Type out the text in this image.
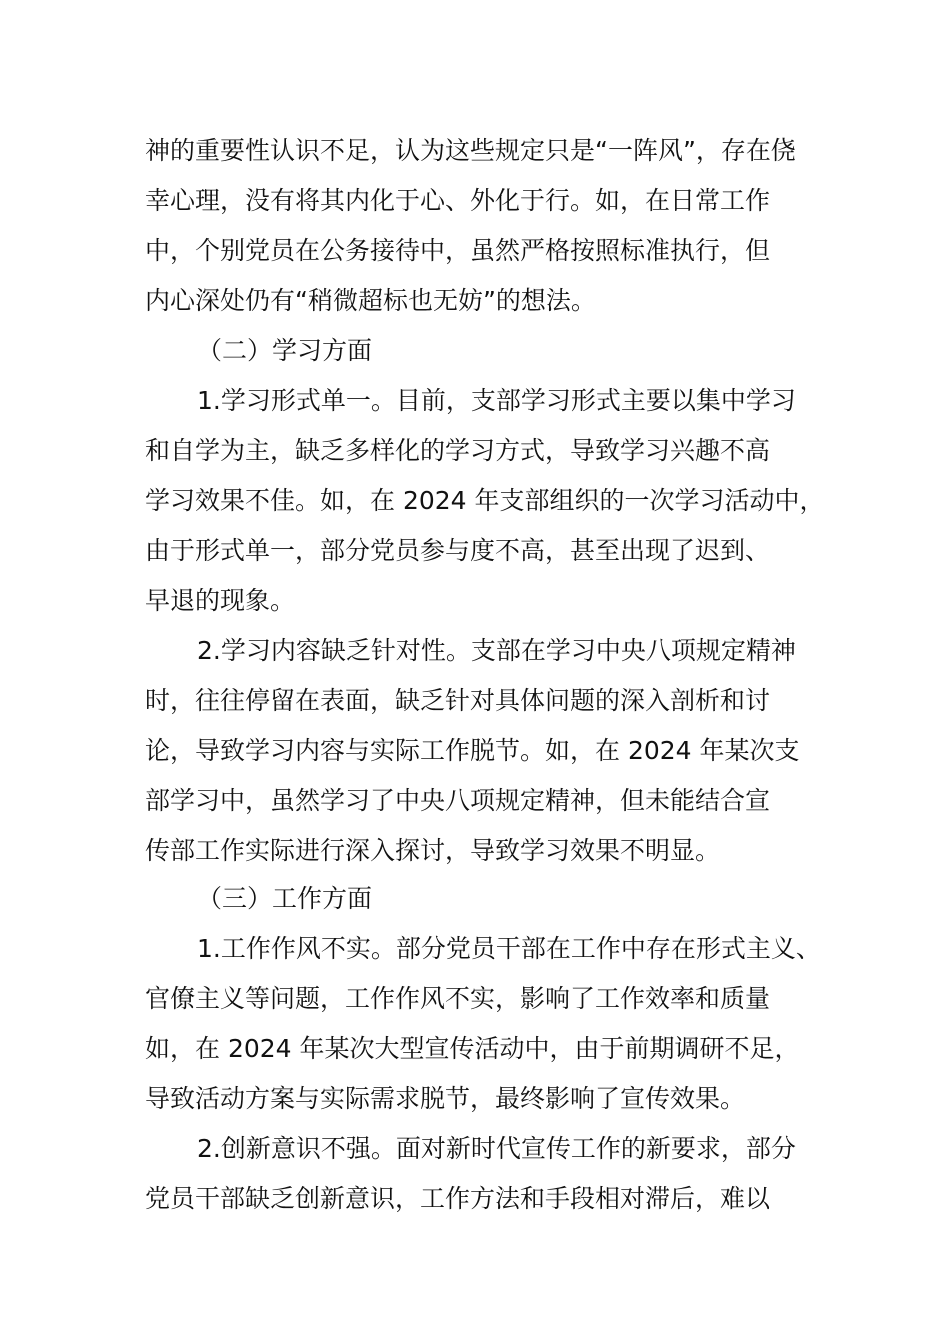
神的重要性认识不足，认为这些规定只是“一阵风”，存在侥
幸心理，没有将其内化于心、外化于行。如，在日常工作
中，个别党员在公务接待中，虽然严格按照标准执行，但
内心深处仍有“稍微超标也无妨”的想法。
（二）学习方面
1.学习形式单一。目前，支部学习形式主要以集中学习
和自学为主，缺乏多样化的学习方式，导致学习兴趣不高
学习效果不佳。如，在 2024 年支部组织的一次学习活动中，
由于形式单一，部分党员参与度不高，甚至出现了迟到、
早退的现象。
2.学习内容缺乏针对性。支部在学习中央八项规定精神
时，往往停留在表面，缺乏针对具体问题的深入剖析和讨
论，导致学习内容与实际工作脱节。如，在 2024 年某次支
部学习中，虽然学习了中央八项规定精神，但未能结合宣
传部工作实际进行深入探讨，导致学习效果不明显。
（三）工作方面
1.工作作风不实。部分党员干部在工作中存在形式主义、
官僚主义等问题，工作作风不实，影响了工作效率和质量
如，在 2024 年某次大型宣传活动中，由于前期调研不足，
导致活动方案与实际需求脱节，最终影响了宣传效果。
2.创新意识不强。面对新时代宣传工作的新要求，部分
党员干部缺乏创新意识，工作方法和手段相对滞后，难以
